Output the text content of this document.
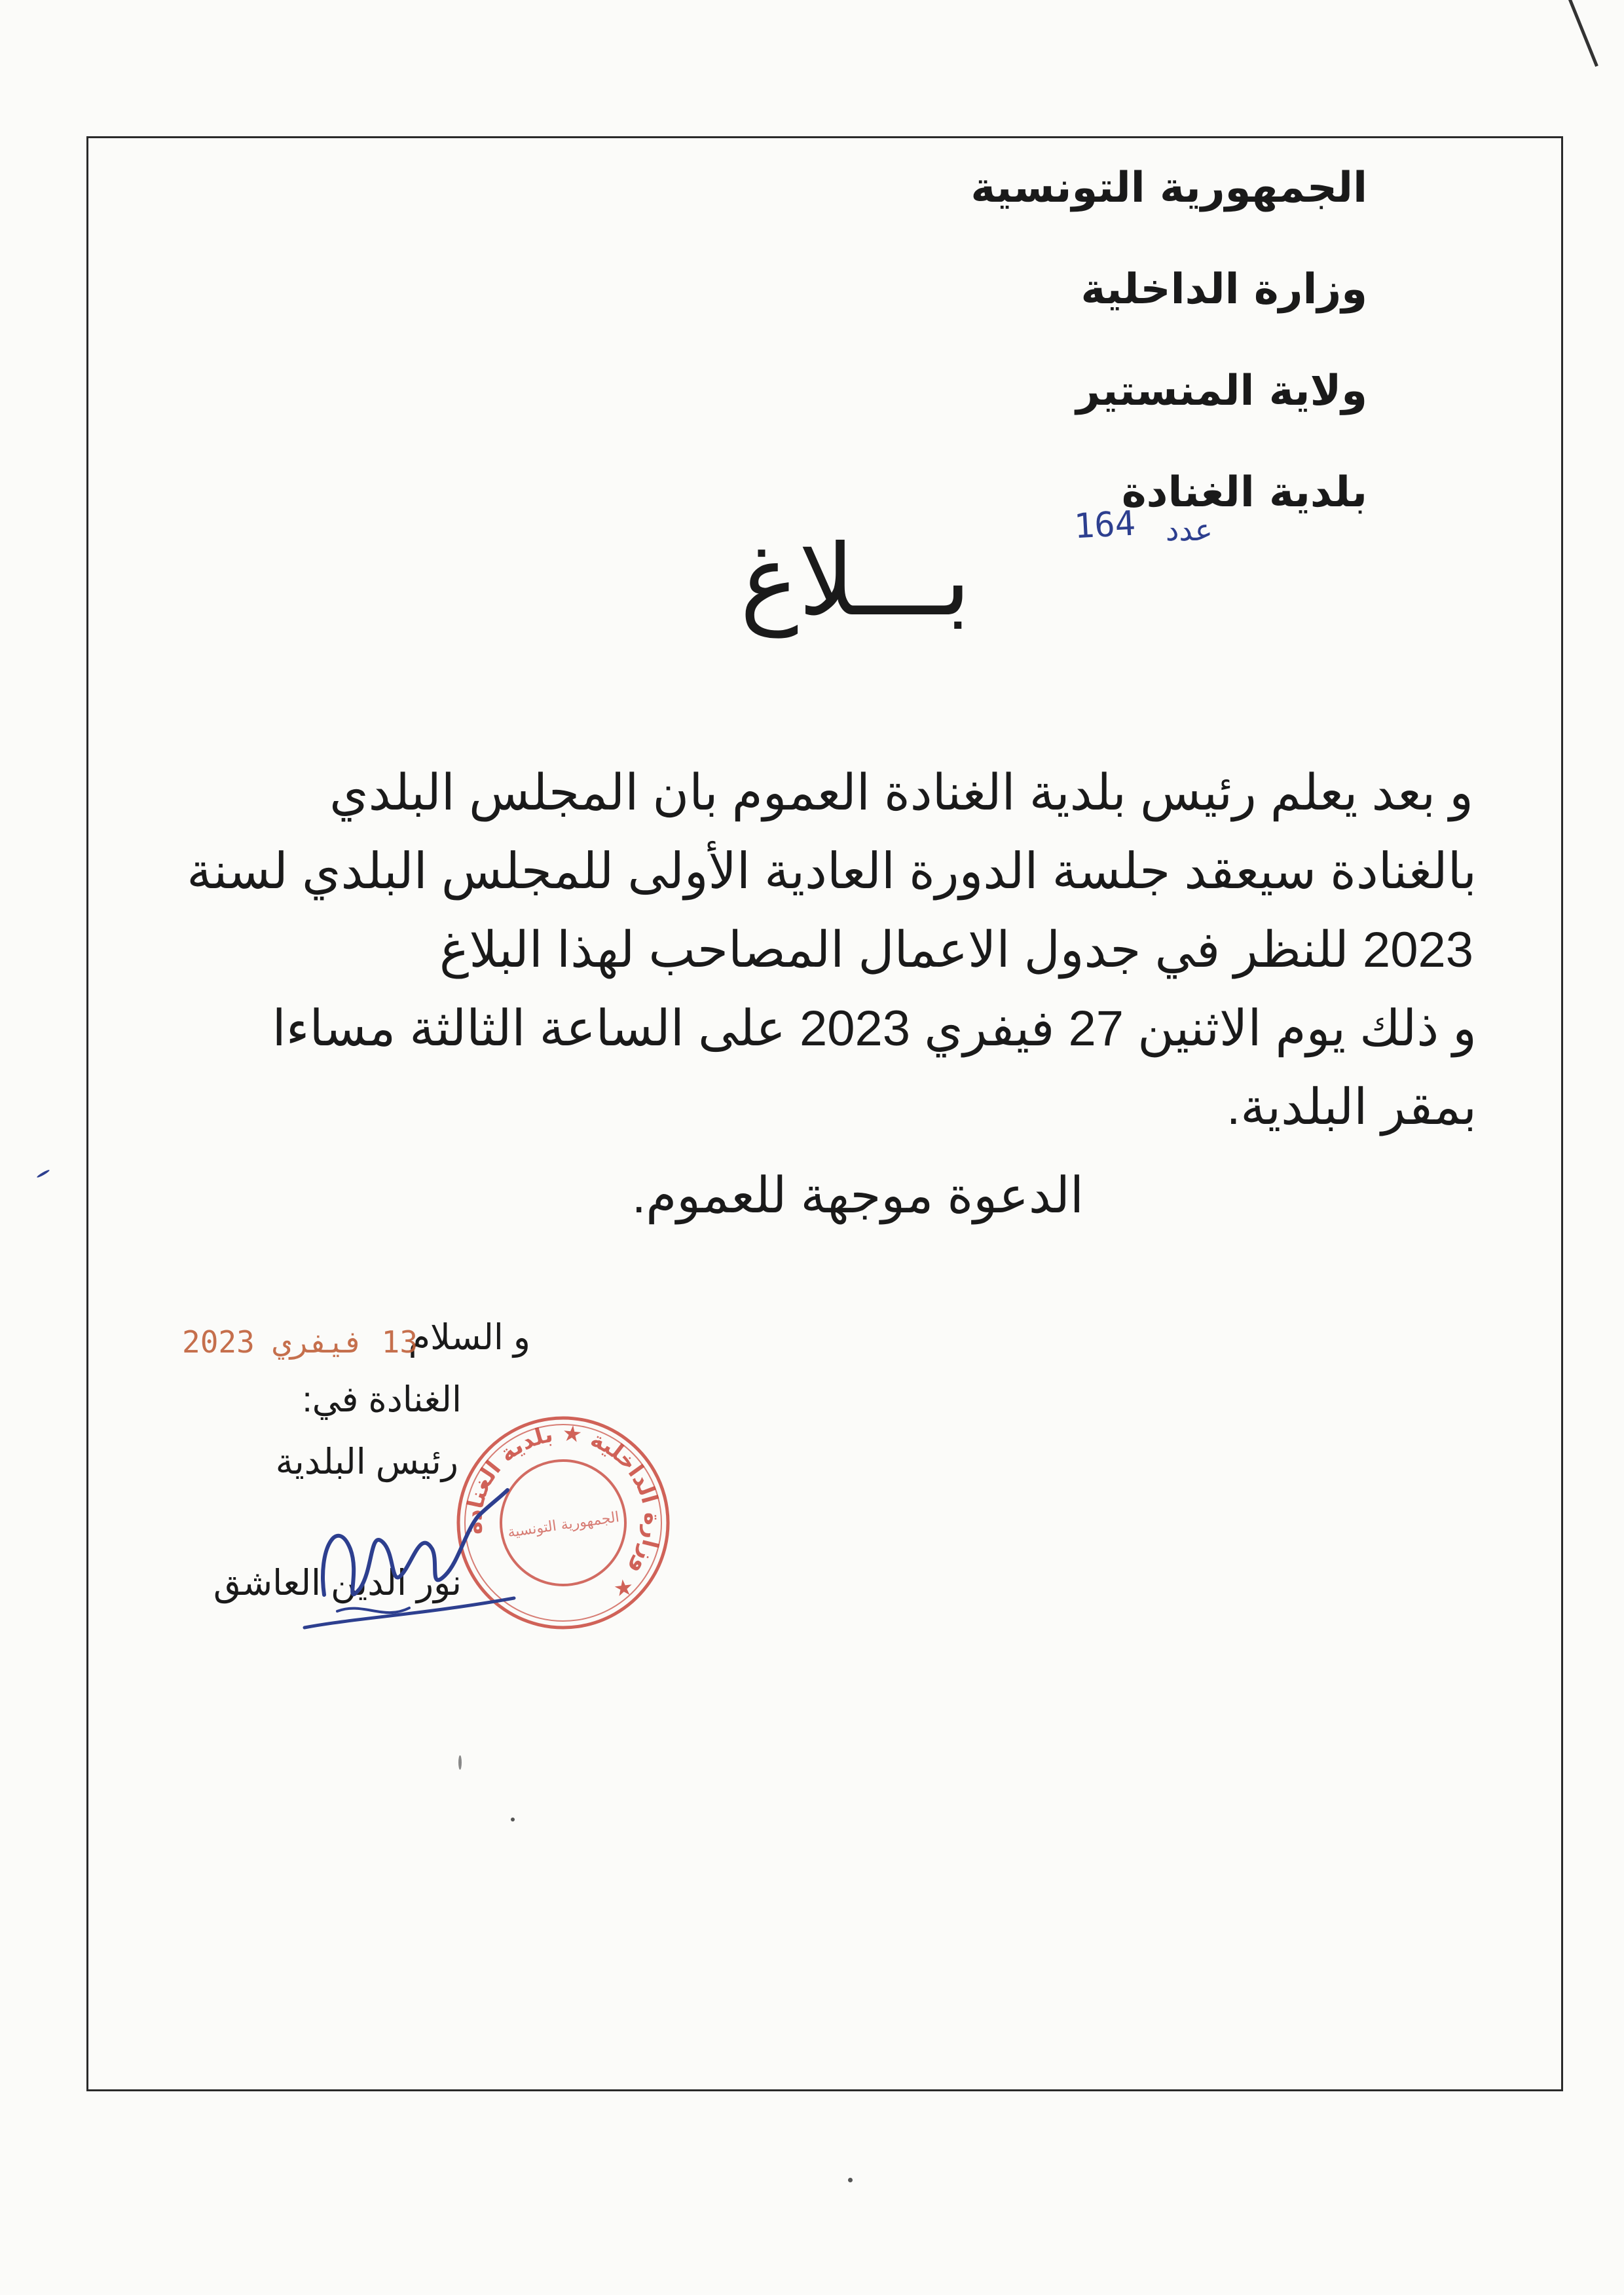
الجمهورية التونسية
وزارة الداخلية
ولاية المنستير
بلدية الغنادة
164 عدد
بـــلاغ
و بعد يعلم رئيس بلدية الغنادة العموم بان المجلس البلدي
بالغنادة سيعقد جلسة الدورة العادية الأولى للمجلس البلدي لسنة
2023 للنظر في جدول الاعمال المصاحب لهذا البلاغ
و ذلك يوم الاثنين 27 فيفري 2023 على الساعة الثالثة مساءا
بمقر البلدية.
الدعوة موجهة للعموم.
و السلام
الغنادة في:
رئيس البلدية
نور الدين العاشق
13 فيفري 2023
وزارة الداخلية ★ بلدية الغنادة ★
الجمهورية التونسية
